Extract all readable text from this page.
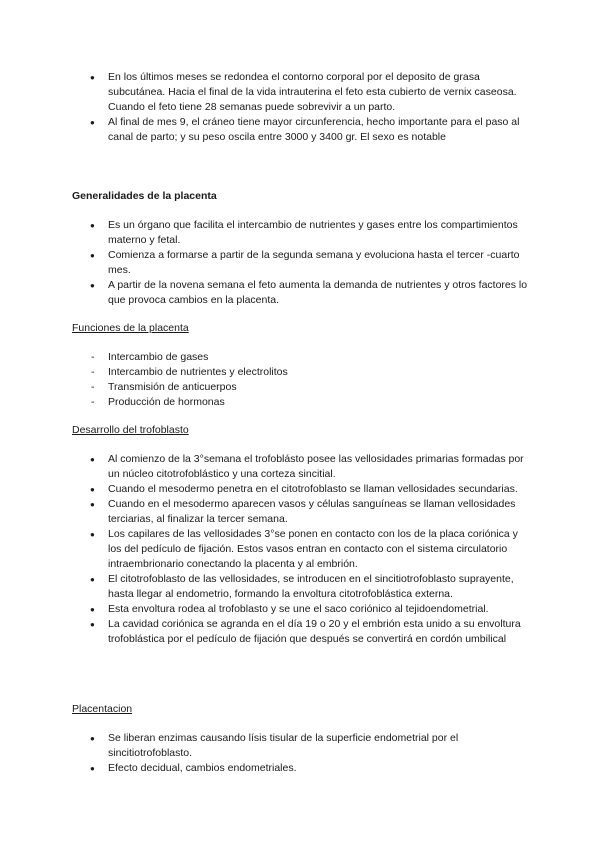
● En los últimos meses se redondea el contorno corporal por el deposito de grasa subcutánea. Hacia el final de la vida intrauterina el feto esta cubierto de vernix caseosa. Cuando el feto tiene 28 semanas puede sobrevivir a un parto.
● Al final de mes 9, el cráneo tiene mayor circunferencia, hecho importante para el paso al canal de parto; y su peso oscila entre 3000 y 3400 gr. El sexo es notable
Generalidades de la placenta
● Es un órgano que facilita el intercambio de nutrientes y gases entre los compartimientos materno y fetal.
● Comienza a formarse a partir de la segunda semana y evoluciona hasta el tercer -cuarto mes.
● A partir de la novena semana el feto aumenta la demanda de nutrientes y otros factores lo que provoca cambios en la placenta.
Funciones de la placenta
- Intercambio de gases
- Intercambio de nutrientes y electrolitos
- Transmisión de anticuerpos
- Producción de hormonas
Desarrollo del trofoblasto
● Al comienzo de la 3°semana el trofoblásto posee las vellosidades primarias formadas por un núcleo citotrofoblástico y una corteza sincitial.
● Cuando el mesodermo penetra en el citotrofoblasto se llaman vellosidades secundarias.
● Cuando en el mesodermo aparecen vasos y células sanguíneas se llaman vellosidades terciarias, al finalizar la tercer semana.
● Los capilares de las vellosidades 3°se ponen en contacto con los de la placa coriónica y los del pedículo de fijación. Estos vasos entran en contacto con el sistema circulatorio intraembrionario conectando la placenta y al embrión.
● El citotrofoblasto de las vellosidades, se introducen en el sincitiotrofoblasto suprayente, hasta llegar al endometrio, formando la envoltura citotrofoblástica externa.
● Esta envoltura rodea al trofoblasto y se une el saco coriónico al tejidoendometrial.
● La cavidad coriónica se agranda en el día 19 o 20 y el embrión esta unido a su envoltura trofoblástica por el pedículo de fijación que después se convertirá en cordón umbilical
Placentacion
● Se liberan enzimas causando lísis tisular de la superficie endometrial por el sincitiotrofoblasto.
● Efecto decidual, cambios endometriales.
